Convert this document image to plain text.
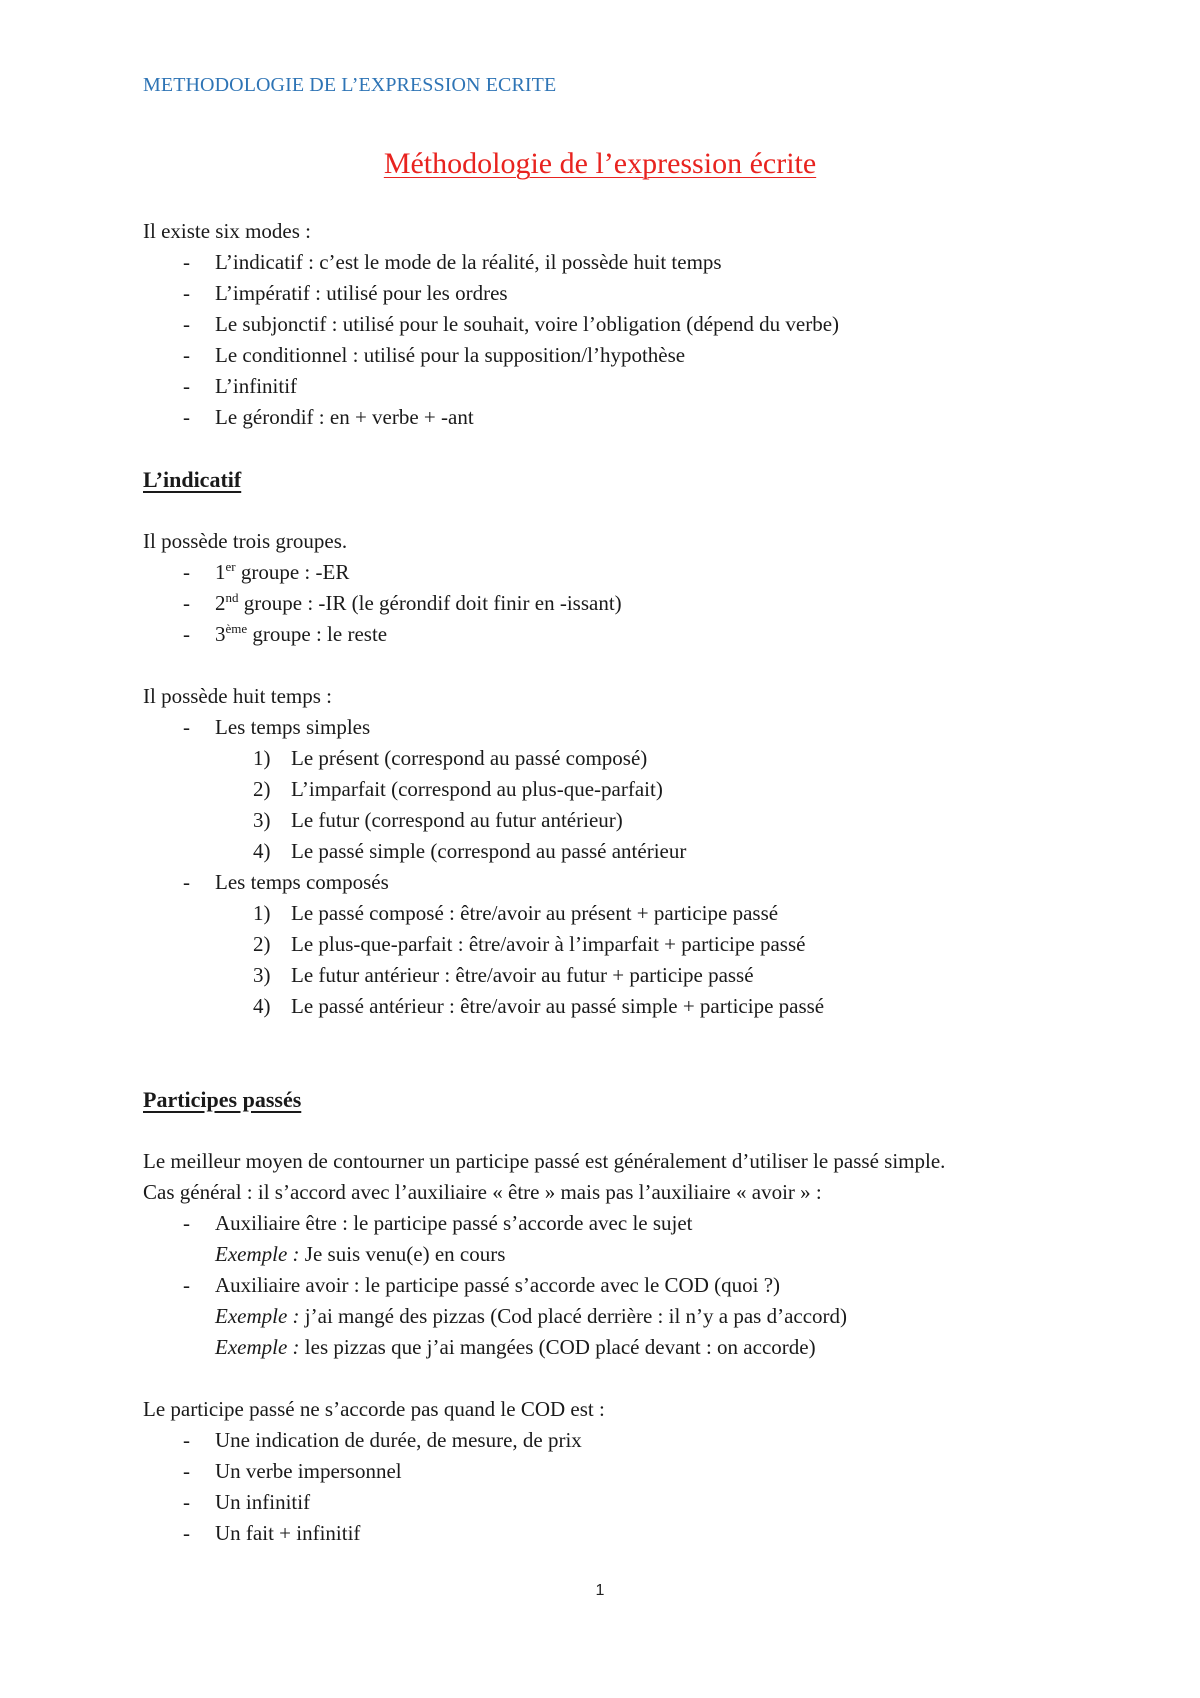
METHODOLOGIE DE L’EXPRESSION ECRITE
Méthodologie de l’expression écrite

Il existe six modes :

- L’indicatif : c’est le mode de la réalité, il possède huit temps
- L’impératif : utilisé pour les ordres
- Le subjonctif : utilisé pour le souhait, voire l’obligation (dépend du verbe)
- Le conditionnel : utilisé pour la supposition/l’hypothèse
- L’infinitif
- Le gérondif : en + verbe + -ant

L’indicatif

Il possède trois groupes.

- 1er groupe : -ER
- 2nd groupe : -IR (le gérondif doit finir en -issant)
- 3ème groupe : le reste

Il possède huit temps :

- Les temps simples
1) Le présent (correspond au passé composé)
2) L’imparfait (correspond au plus-que-parfait)
3) Le futur (correspond au futur antérieur)
4) Le passé simple (correspond au passé antérieur
- Les temps composés
1) Le passé composé : être/avoir au présent + participe passé
2) Le plus-que-parfait : être/avoir à l’imparfait + participe passé
3) Le futur antérieur : être/avoir au futur + participe passé
4) Le passé antérieur : être/avoir au passé simple + participe passé

Participes passés

Le meilleur moyen de contourner un participe passé est généralement d’utiliser le passé simple.

Cas général : il s’accord avec l’auxiliaire « être » mais pas l’auxiliaire « avoir » :

- Auxiliaire être : le participe passé s’accorde avec le sujet
Exemple : Je suis venu(e) en cours
- Auxiliaire avoir : le participe passé s’accorde avec le COD (quoi ?)
Exemple : j’ai mangé des pizzas (Cod placé derrière : il n’y a pas d’accord)
Exemple : les pizzas que j’ai mangées (COD placé devant : on accorde)

Le participe passé ne s’accorde pas quand le COD est :

- Une indication de durée, de mesure, de prix
- Un verbe impersonnel
- Un infinitif
- Un fait + infinitif
1
